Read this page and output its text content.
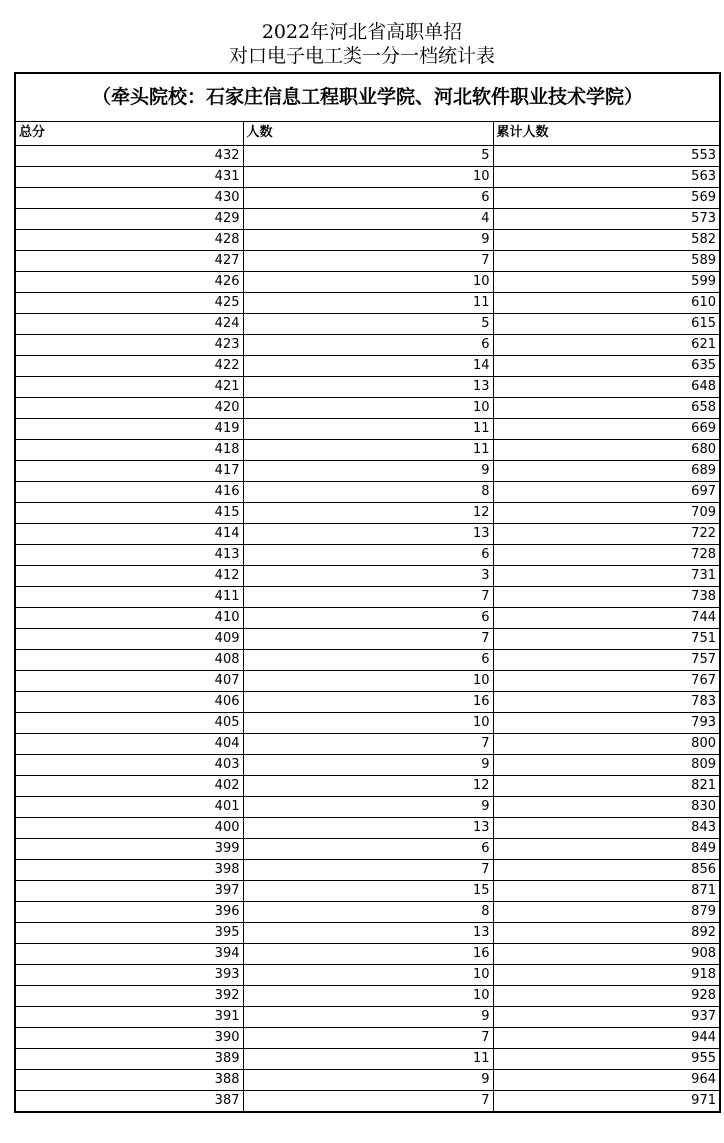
2022年河北省高职单招
对口电子电工类一分一档统计表
（牵头院校：石家庄信息工程职业学院、河北软件职业技术学院）
总分	人数	累计人数
432	5	553
431	10	563
430	6	569
429	4	573
428	9	582
427	7	589
426	10	599
425	11	610
424	5	615
423	6	621
422	14	635
421	13	648
420	10	658
419	11	669
418	11	680
417	9	689
416	8	697
415	12	709
414	13	722
413	6	728
412	3	731
411	7	738
410	6	744
409	7	751
408	6	757
407	10	767
406	16	783
405	10	793
404	7	800
403	9	809
402	12	821
401	9	830
400	13	843
399	6	849
398	7	856
397	15	871
396	8	879
395	13	892
394	16	908
393	10	918
392	10	928
391	9	937
390	7	944
389	11	955
388	9	964
387	7	971
